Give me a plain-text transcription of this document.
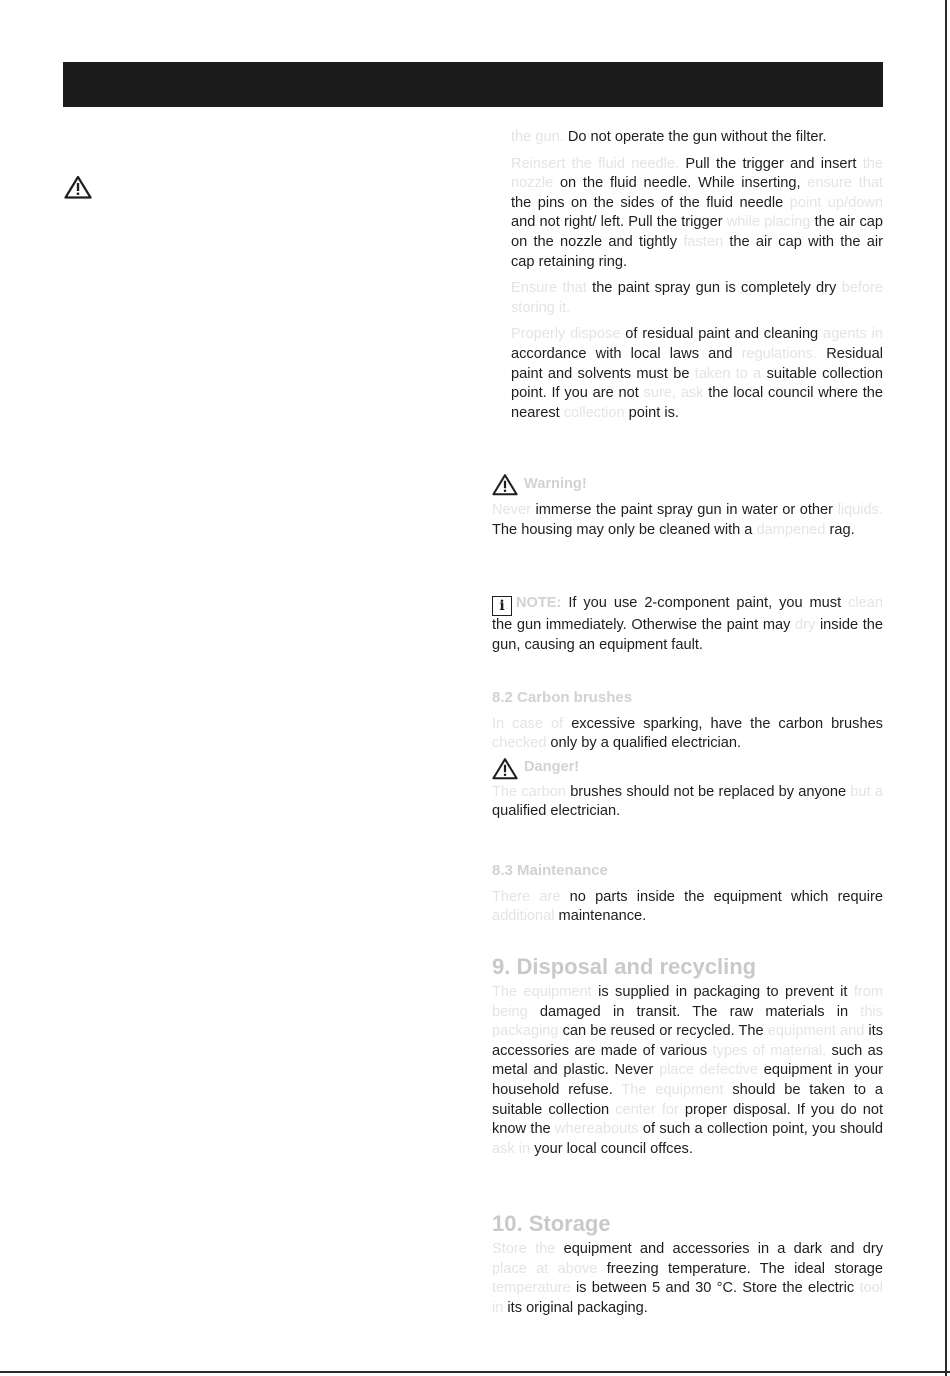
the gun. Do not operate the gun without the filter.

Reinsert the fluid needle. Pull the trigger and insert the nozzle on the fluid needle. While inserting, ensure that the pins on the sides of the fluid needle point up/down and not right/ left. Pull the trigger while placing the air cap on the nozzle and tightly fasten the air cap with the air cap retaining ring.

Ensure that the paint spray gun is completely dry before storing it.

Properly dispose of residual paint and cleaning agents in accordance with local laws and regulations. Residual paint and solvents must be taken to a suitable collection point. If you are not sure, ask the local council where the nearest collection point is.

Warning!

Never immerse the paint spray gun in water or other liquids. The housing may only be cleaned with a dampened rag.

i NOTE: If you use 2-component paint, you must clean the gun immediately. Otherwise the paint may dry inside the gun, causing an equipment fault.

8.2 Carbon brushes

In case of excessive sparking, have the carbon brushes checked only by a qualified electrician.

Danger!

The carbon brushes should not be replaced by anyone but a qualified electrician.

8.3 Maintenance

There are no parts inside the equipment which require additional maintenance.

9. Disposal and recycling

The equipment is supplied in packaging to prevent it from being damaged in transit. The raw materials in this packaging can be reused or recycled. The equipment and its accessories are made of various types of material, such as metal and plastic. Never place defective equipment in your household refuse. The equipment should be taken to a suitable collection center for proper disposal. If you do not know the whereabouts of such a collection point, you should ask in your local council offces.

10. Storage

Store the equipment and accessories in a dark and dry place at above freezing temperature. The ideal storage temperature is between 5 and 30 °C. Store the electric tool in its original packaging.
